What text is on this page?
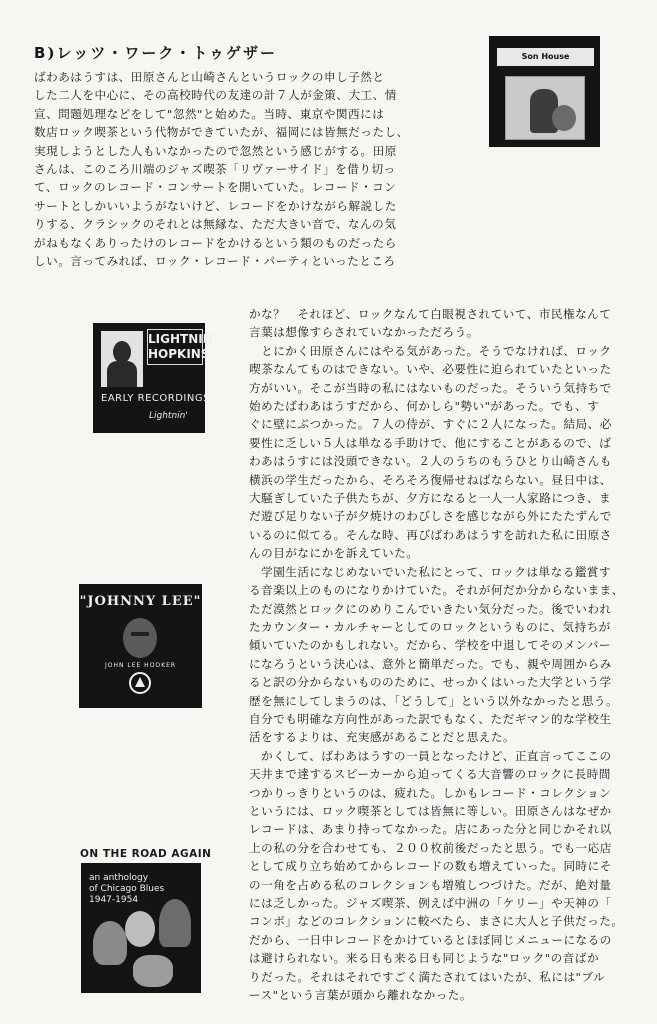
B)レッツ・ワーク・トゥゲザー

ばわあはうすは、田原さんと山崎さんというロックの申し子然と

した二人を中心に、その高校時代の友達の計７人が金策、大工、情

宣、問題処理などをして"忽然"と始めた。当時、東京や関西には

数店ロック喫茶という代物ができていたが、福岡には皆無だったし、

実現しようとした人もいなかったので忽然という感じがする。田原

さんは、このころ川端のジャズ喫茶「リヴァーサイド」を借り切っ

て、ロックのレコード・コンサートを開いていた。レコード・コン

サートとしかいいようがないけど、レコードをかけながら解説した

りする、クラシックのそれとは無縁な、ただ大きい音で、なんの気

がねもなくありったけのレコードをかけるという類のものだったら

しい。言ってみれば、ロック・レコード・パーティといったところ

Son House

かな？　それほど、ロックなんて白眼視されていて、市民権なんて

言葉は想像すらされていなかっただろう。

　とにかく田原さんにはやる気があった。そうでなければ、ロック

喫茶なんてものはできない。いや、必要性に迫られていたといった

方がいい。そこが当時の私にはないものだった。そういう気持ちで

始めたばわあはうすだから、何かしら"勢い"があった。でも、す

ぐに壁にぶつかった。７人の侍が、すぐに２人になった。結局、必

要性に乏しい５人は単なる手助けで、他にすることがあるので、ば

わあはうすには没頭できない。２人のうちのもうひとり山崎さんも

横浜の学生だったから、そろそろ復帰せねばならない。昼日中は、

大騒ぎしていた子供たちが、夕方になると一人一人家路につき、ま

だ遊び足りない子が夕焼けのわびしさを感じながら外にたたずんで

いるのに似てる。そんな時、再びばわあはうすを訪れた私に田原さ

んの目がなにかを訴えていた。

　学園生活になじめないでいた私にとって、ロックは単なる鑑賞す

る音楽以上のものになりかけていた。それが何だか分からないまま、

ただ漠然とロックにのめりこんでいきたい気分だった。後でいわれ

たカウンター・カルチャーとしてのロックというものに、気持ちが

傾いていたのかもしれない。だから、学校を中退してそのメンバー

になろうという決心は、意外と簡単だった。でも、親や周囲からみ

ると訳の分からないもののために、せっかくはいった大学という学

歴を無にしてしまうのは、「どうして」という以外なかったと思う。

自分でも明確な方向性があった訳でもなく、ただギマン的な学校生

活をするよりは、充実感があることだと思えた。

　かくして、ばわあはうすの一員となったけど、正直言ってここの

天井まで達するスピーカーから迫ってくる大音響のロックに長時間

つかりっきりというのは、疲れた。しかもレコード・コレクション

というには、ロック喫茶としては皆無に等しい。田原さんはなぜか

レコードは、あまり持ってなかった。店にあった分と同じかそれ以

上の私の分を合わせても、２００枚前後だったと思う。でも一応店

として成り立ち始めてからレコードの数も増えていった。同時にそ

の一角を占める私のコレクションも増殖しつづけた。だが、絶対量

には乏しかった。ジャズ喫茶、例えば中洲の「ケリー」や天神の「

コンボ」などのコレクションに較べたら、まさに大人と子供だった。

だから、一日中レコードをかけているとほぼ同じメニューになるの

は避けられない。来る日も来る日も同じような"ロック"の音ばか

りだった。それはそれですごく満たされてはいたが、私には"ブル

ース"という言葉が頭から離れなかった。

LIGHTNIN'
HOPKINS
EARLY RECORDINGS
Lightnin'
"JOHNNY LEE"
JOHN LEE HOOKER
ON THE ROAD AGAIN

an anthology

of Chicago Blues

1947-1954
